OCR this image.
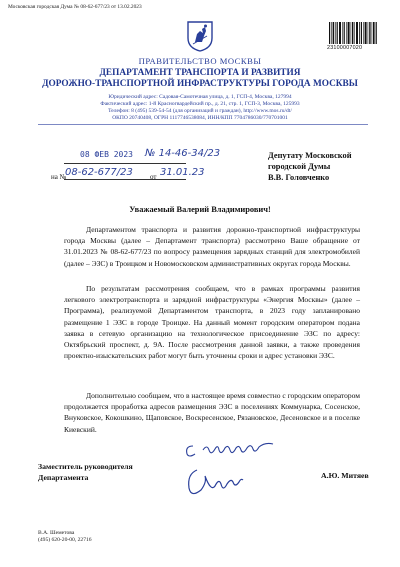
Московская городская Дума № 08-62-677/23 от 13.02.2023
23100007020
ПРАВИТЕЛЬСТВО МОСКВЫ
ДЕПАРТАМЕНТ ТРАНСПОРТА И РАЗВИТИЯ
ДОРОЖНО-ТРАНСПОРТНОЙ ИНФРАСТРУКТУРЫ ГОРОДА МОСКВЫ
Юридический адрес: Садовая-Самотечная улица, д. 1, ГСП-4, Москва, 127994
Фактический адрес: 1-й Красногвардейский пр., д. 21, стр. 1, ГСП-3, Москва, 125993
Телефон: 8 (495) 539-54-54 (для организаций и граждан), http://www.mos.ru/dt/
ОКПО 20740408, ОГРН 1117746538084, ИНН/КПП 7704786030/770701001
08 ФЕВ 2023 № 14-46-34/23
на №
08-62-677/23 от 31.01.23
Депутату Московской
городской Думы
В.В. Головченко
Уважаемый Валерий Владимирович!
Департаментом транспорта и развития дорожно-транспортной инфраструктуры города Москвы (далее – Департамент транспорта) рассмотрено Ваше обращение от 31.01.2023 № 08-62-677/23 по вопросу размещения зарядных станций для электромобилей (далее – ЭЗС) в Троицком и Новомосковском административных округах города Москвы.
По результатам рассмотрения сообщаем, что в рамках программы развития легкового электротранспорта и зарядной инфраструктуры «Энергия Москвы» (далее – Программа), реализуемой Департаментом транспорта, в 2023 году запланировано размещение 1 ЭЗС в городе Троицке. На данный момент городским оператором подана заявка в сетевую организацию на технологическое присоединение ЭЗС по адресу: Октябрьский проспект, д. 9А. После рассмотрения данной заявки, а также проведения проектно-изыскательских работ могут быть уточнены сроки и адрес установки ЭЗС.
Дополнительно сообщаем, что в настоящее время совместно с городским оператором продолжается проработка адресов размещения ЭЗС в поселениях Коммунарка, Сосенское, Внуковское, Кокошкино, Щаповское, Воскресенское, Рязановское, Десеновское и в поселке Киевский.
Заместитель руководителя
Департамента	А.Ю. Митяев
В.А. Шеметова
(495) 620-20-00, 22716
